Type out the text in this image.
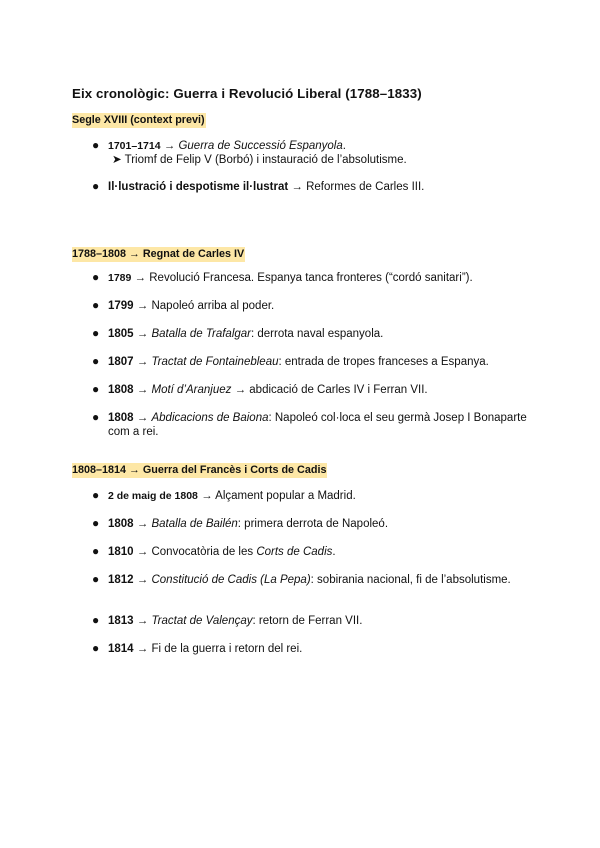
Eix cronològic: Guerra i Revolució Liberal (1788–1833)
Segle XVIII (context previ)
● 1701–1714 → Guerra de Successió Espanyola.
➤ Triomf de Felip V (Borbó) i instauració de l’absolutisme.
● Il·lustració i despotisme il·lustrat → Reformes de Carles III.
1788–1808 → Regnat de Carles IV
● 1789 → Revolució Francesa. Espanya tanca fronteres (“cordó sanitari”).
● 1799 → Napoleó arriba al poder.
● 1805 → Batalla de Trafalgar: derrota naval espanyola.
● 1807 → Tractat de Fontainebleau: entrada de tropes franceses a Espanya.
● 1808 → Motí d’Aranjuez → abdicació de Carles IV i Ferran VII.
● 1808 → Abdicacions de Baiona: Napoleó col·loca el seu germà Josep I Bonaparte com a rei.
1808–1814 → Guerra del Francès i Corts de Cadis
● 2 de maig de 1808 → Alçament popular a Madrid.
● 1808 → Batalla de Bailén: primera derrota de Napoleó.
● 1810 → Convocatòria de les Corts de Cadis.
● 1812 → Constitució de Cadis (La Pepa): sobirania nacional, fi de l’absolutisme.
● 1813 → Tractat de Valençay: retorn de Ferran VII.
● 1814 → Fi de la guerra i retorn del rei.
